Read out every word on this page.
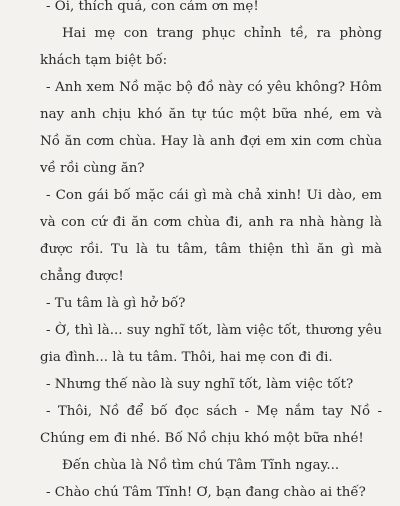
- Ôi, thích quá, con cảm ơn mẹ!

Hai mẹ con trang phục chỉnh tề, ra phòng khách tạm biệt bố:

- Anh xem Nồ mặc bộ đồ này có yêu không? Hôm nay anh chịu khó ăn tự túc một bữa nhé, em và Nồ ăn cơm chùa. Hay là anh đợi em xin cơm chùa về rồi cùng ăn?

- Con gái bố mặc cái gì mà chả xinh! Ui dào, em và con cứ đi ăn cơm chùa đi, anh ra nhà hàng là được rồi. Tu là tu tâm, tâm thiện thì ăn gì mà chẳng được!

- Tu tâm là gì hở bố?

- Ờ, thì là... suy nghĩ tốt, làm việc tốt, thương yêu gia đình... là tu tâm. Thôi, hai mẹ con đi đi.

- Nhưng thế nào là suy nghĩ tốt, làm việc tốt?

- Thôi, Nồ để bố đọc sách - Mẹ nắm tay Nồ - Chúng em đi nhé. Bố Nồ chịu khó một bữa nhé!

Đến chùa là Nồ tìm chú Tâm Tĩnh ngay...

- Chào chú Tâm Tĩnh! Ơ, bạn đang chào ai thế?
